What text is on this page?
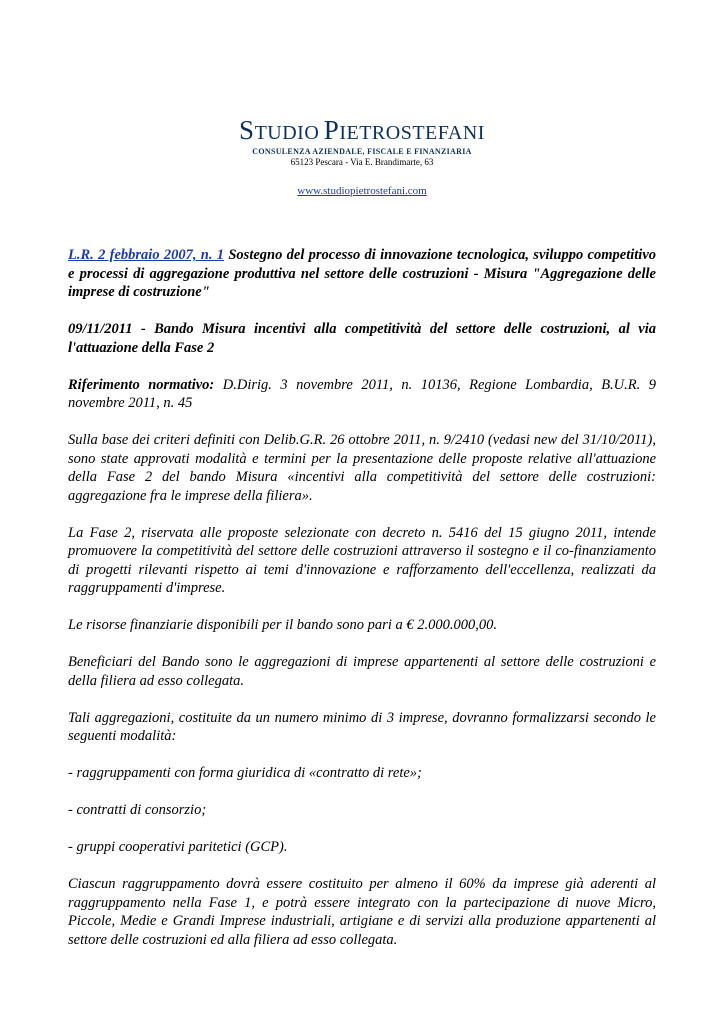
STUDIO PIETROSTEFANI
CONSULENZA AZIENDALE, FISCALE E FINANZIARIA
65123 Pescara - Via E. Brandimarte, 63
www.studiopietrostefani.com

L.R. 2 febbraio 2007, n. 1 Sostegno del processo di innovazione tecnologica, sviluppo competitivo e processi di aggregazione produttiva nel settore delle costruzioni - Misura "Aggregazione delle imprese di costruzione"

09/11/2011 - Bando Misura incentivi alla competitività del settore delle costruzioni, al via l'attuazione della Fase 2

Riferimento normativo: D.Dirig. 3 novembre 2011, n. 10136, Regione Lombardia, B.U.R. 9 novembre 2011, n. 45

Sulla base dei criteri definiti con Delib.G.R. 26 ottobre 2011, n. 9/2410 (vedasi new del 31/10/2011), sono state approvati modalità e termini per la presentazione delle proposte relative all'attuazione della Fase 2 del bando Misura «incentivi alla competitività del settore delle costruzioni: aggregazione fra le imprese della filiera».

La Fase 2, riservata alle proposte selezionate con decreto n. 5416 del 15 giugno 2011, intende promuovere la competitività del settore delle costruzioni attraverso il sostegno e il co-finanziamento di progetti rilevanti rispetto ai temi d'innovazione e rafforzamento dell'eccellenza, realizzati da raggruppamenti d'imprese.

Le risorse finanziarie disponibili per il bando sono pari a € 2.000.000,00.

Beneficiari del Bando sono le aggregazioni di imprese appartenenti al settore delle costruzioni e della filiera ad esso collegata.

Tali aggregazioni, costituite da un numero minimo di 3 imprese, dovranno formalizzarsi secondo le seguenti modalità:

- raggruppamenti con forma giuridica di «contratto di rete»;

- contratti di consorzio;

- gruppi cooperativi paritetici (GCP).

Ciascun raggruppamento dovrà essere costituito per almeno il 60% da imprese già aderenti al raggruppamento nella Fase 1, e potrà essere integrato con la partecipazione di nuove Micro, Piccole, Medie e Grandi Imprese industriali, artigiane e di servizi alla produzione appartenenti al settore delle costruzioni ed alla filiera ad esso collegata.
